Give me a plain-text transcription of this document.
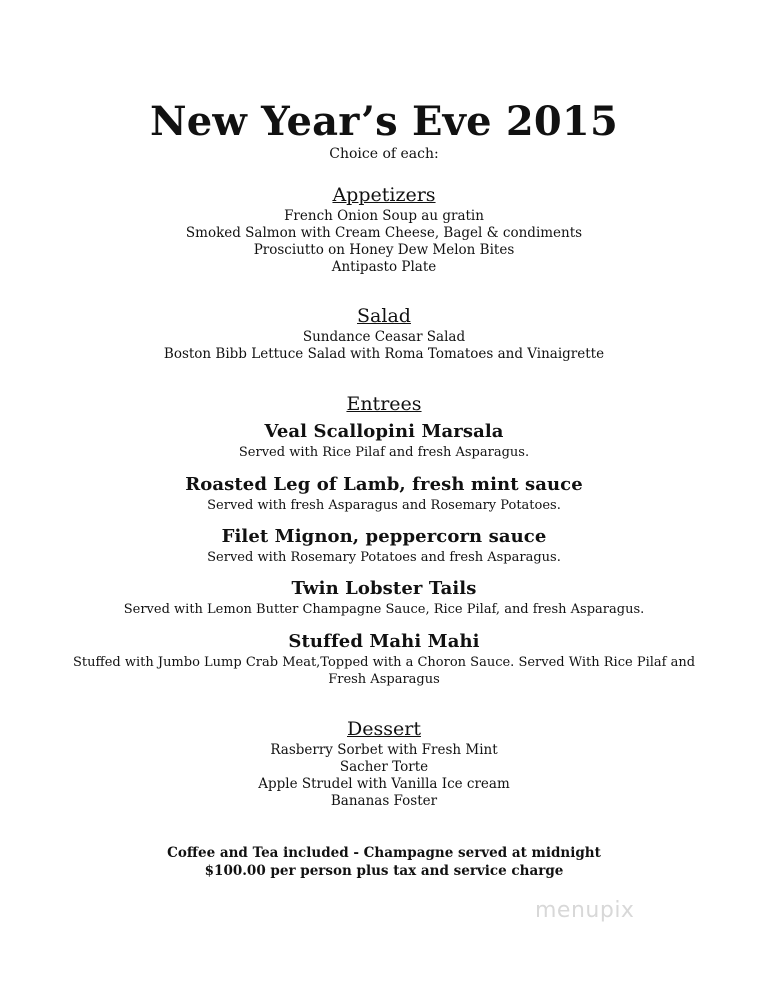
New Year’s Eve 2015
Choice of each:
Appetizers
French Onion Soup au gratin
Smoked Salmon with Cream Cheese, Bagel & condiments
Prosciutto on Honey Dew Melon Bites
Antipasto Plate
Salad
Sundance Ceasar Salad
Boston Bibb Lettuce Salad with Roma Tomatoes and Vinaigrette
Entrees
Veal Scallopini Marsala
Served with Rice Pilaf and fresh Asparagus.
Roasted Leg of Lamb, fresh mint sauce
Served with fresh Asparagus and Rosemary Potatoes.
Filet Mignon, peppercorn sauce
Served with Rosemary Potatoes and fresh Asparagus.
Twin Lobster Tails
Served with Lemon Butter Champagne Sauce, Rice Pilaf, and fresh Asparagus.
Stuffed Mahi Mahi
Stuffed with Jumbo Lump Crab Meat,Topped with a Choron Sauce. Served With Rice Pilaf and
Fresh Asparagus
Dessert
Rasberry Sorbet with Fresh Mint
Sacher Torte
Apple Strudel with Vanilla Ice cream
Bananas Foster
Coffee and Tea included - Champagne served at midnight
$100.00 per person plus tax and service charge
menupix
